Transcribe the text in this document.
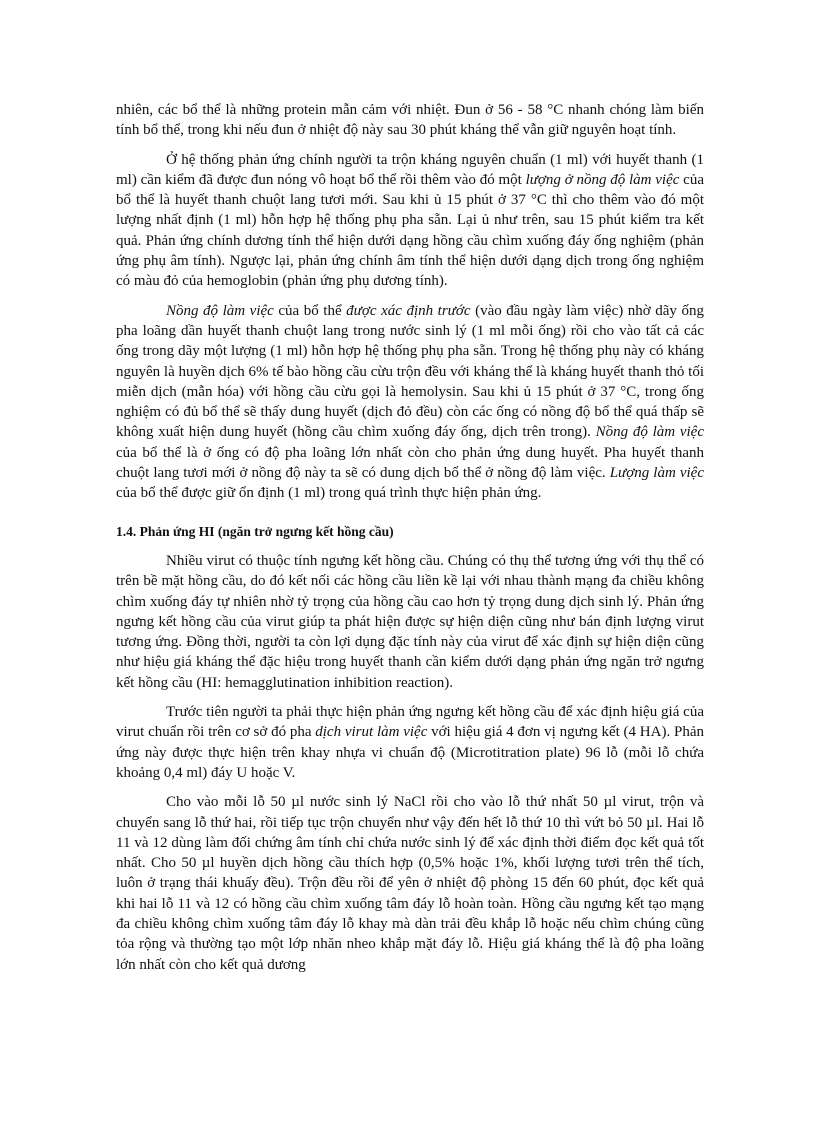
nhiên, các bổ thể là những protein mẫn cảm với nhiệt. Đun ở 56 - 58 °C nhanh chóng làm biến tính bổ thể, trong khi nếu đun ở nhiệt độ này sau 30 phút kháng thể vẫn giữ nguyên hoạt tính.

Ở hệ thống phản ứng chính người ta trộn kháng nguyên chuẩn (1 ml) với huyết thanh (1 ml) cần kiểm đã được đun nóng vô hoạt bổ thể rồi thêm vào đó một lượng ở nồng độ làm việc của bổ thể là huyết thanh chuột lang tươi mới. Sau khi ủ 15 phút ở 37 °C thì cho thêm vào đó một lượng nhất định (1 ml) hỗn hợp hệ thống phụ pha sẵn. Lại ủ như trên, sau 15 phút kiểm tra kết quả. Phản ứng chính dương tính thể hiện dưới dạng hồng cầu chìm xuống đáy ống nghiệm (phản ứng phụ âm tính). Ngược lại, phản ứng chính âm tính thể hiện dưới dạng dịch trong ống nghiệm có màu đỏ của hemoglobin (phản ứng phụ dương tính).

Nồng độ làm việc của bổ thể được xác định trước (vào đầu ngày làm việc) nhờ dãy ống pha loãng dần huyết thanh chuột lang trong nước sinh lý (1 ml mỗi ống) rồi cho vào tất cả các ống trong dãy một lượng (1 ml) hỗn hợp hệ thống phụ pha sẵn. Trong hệ thống phụ này có kháng nguyên là huyền dịch 6% tế bào hồng cầu cừu trộn đều với kháng thể là kháng huyết thanh thỏ tối miễn dịch (mẫn hóa) với hồng cầu cừu gọi là hemolysin. Sau khi ủ 15 phút ở 37 °C, trong ống nghiệm có đủ bổ thể sẽ thấy dung huyết (dịch đỏ đều) còn các ống có nồng độ bổ thể quá thấp sẽ không xuất hiện dung huyết (hồng cầu chìm xuống đáy ống, dịch trên trong). Nồng độ làm việc của bổ thể là ở ống có độ pha loãng lớn nhất còn cho phản ứng dung huyết. Pha huyết thanh chuột lang tươi mới ở nồng độ này ta sẽ có dung dịch bổ thể ở nồng độ làm việc. Lượng làm việc của bổ thể được giữ ổn định (1 ml) trong quá trình thực hiện phản ứng.

1.4. Phản ứng HI (ngăn trở ngưng kết hồng cầu)

Nhiều virut có thuộc tính ngưng kết hồng cầu. Chúng có thụ thể tương ứng với thụ thể có trên bề mặt hồng cầu, do đó kết nối các hồng cầu liền kề lại với nhau thành mạng đa chiều không chìm xuống đáy tự nhiên nhờ tỷ trọng của hồng cầu cao hơn tỷ trọng dung dịch sinh lý. Phản ứng ngưng kết hồng cầu của virut giúp ta phát hiện được sự hiện diện cũng như bán định lượng virut tương ứng. Đồng thời, người ta còn lợi dụng đặc tính này của virut để xác định sự hiện diện cũng như hiệu giá kháng thể đặc hiệu trong huyết thanh cần kiểm dưới dạng phản ứng ngăn trở ngưng kết hồng cầu (HI: hemagglutination inhibition reaction).

Trước tiên người ta phải thực hiện phản ứng ngưng kết hồng cầu để xác định hiệu giá của virut chuẩn rồi trên cơ sở đó pha dịch virut làm việc với hiệu giá 4 đơn vị ngưng kết (4 HA). Phản ứng này được thực hiện trên khay nhựa vi chuẩn độ (Microtitration plate) 96 lỗ (mỗi lỗ chứa khoảng 0,4 ml) đáy U hoặc V.

Cho vào mỗi lỗ 50 µl nước sinh lý NaCl rồi cho vào lỗ thứ nhất 50 µl virut, trộn và chuyển sang lỗ thứ hai, rồi tiếp tục trộn chuyển như vậy đến hết lỗ thứ 10 thì vứt bỏ 50 µl. Hai lỗ 11 và 12 dùng làm đối chứng âm tính chỉ chứa nước sinh lý để xác định thời điểm đọc kết quả tốt nhất. Cho 50 µl huyền dịch hồng cầu thích hợp (0,5% hoặc 1%, khối lượng tươi trên thể tích, luôn ở trạng thái khuấy đều). Trộn đều rồi để yên ở nhiệt độ phòng 15 đến 60 phút, đọc kết quả khi hai lỗ 11 và 12 có hồng cầu chìm xuống tâm đáy lỗ hoàn toàn. Hồng cầu ngưng kết tạo mạng đa chiều không chìm xuống tâm đáy lỗ khay mà dàn trải đều khắp lỗ hoặc nếu chìm chúng cũng tỏa rộng và thường tạo một lớp nhăn nheo khắp mặt đáy lỗ. Hiệu giá kháng thể là độ pha loãng lớn nhất còn cho kết quả dương
